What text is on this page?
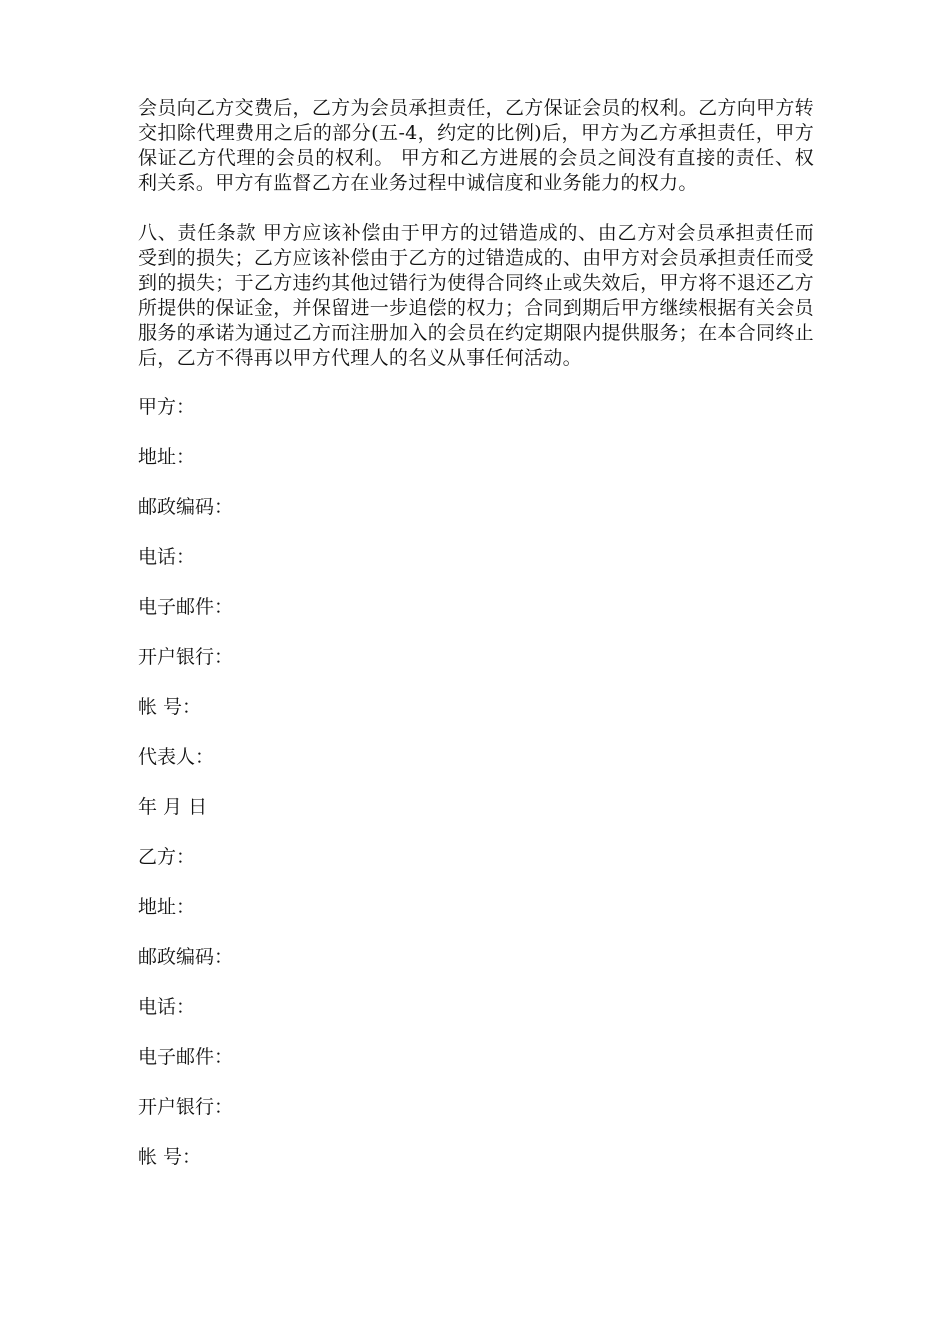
会员向乙方交费后，乙方为会员承担责任，乙方保证会员的权利。乙方向甲方转交扣除代理费用之后的部分(五-4，约定的比例)后，甲方为乙方承担责任，甲方保证乙方代理的会员的权利。 甲方和乙方进展的会员之间没有直接的责任、权利关系。甲方有监督乙方在业务过程中诚信度和业务能力的权力。

八、责任条款 甲方应该补偿由于甲方的过错造成的、由乙方对会员承担责任而受到的损失；乙方应该补偿由于乙方的过错造成的、由甲方对会员承担责任而受到的损失；于乙方违约其他过错行为使得合同终止或失效后，甲方将不退还乙方所提供的保证金，并保留进一步追偿的权力；合同到期后甲方继续根据有关会员服务的承诺为通过乙方而注册加入的会员在约定期限内提供服务；在本合同终止后，乙方不得再以甲方代理人的名义从事任何活动。

甲方：
地址：
邮政编码：
电话：
电子邮件：
开户银行：
帐 号：
代表人：
年 月 日
乙方：
地址：
邮政编码：
电话：
电子邮件：
开户银行：
帐 号：
